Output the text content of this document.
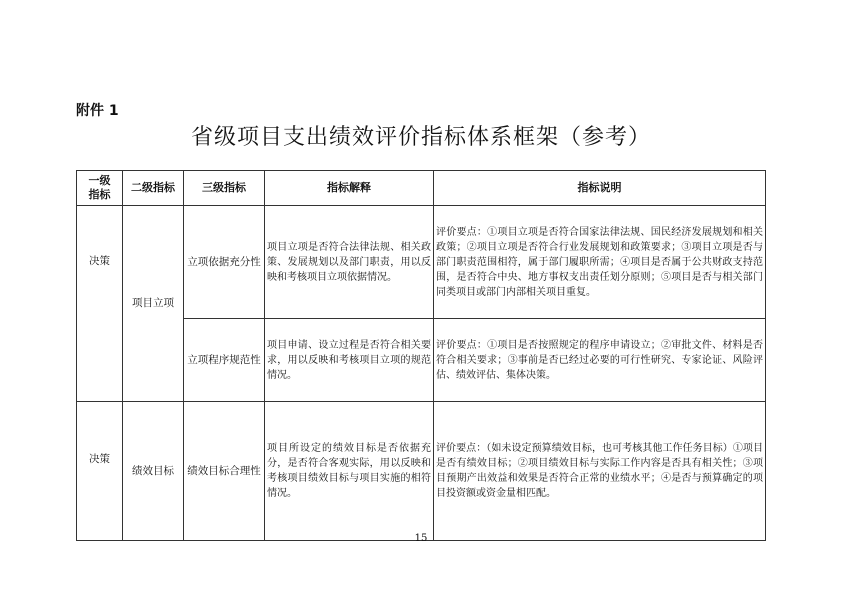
附件 1
省级项目支出绩效评价指标体系框架（参考）
一级
指标	二级指标	三级指标	指标解释	指标说明
决策	项目立项	立项依据充分性	项目立项是否符合法律法规、相关政策、发展规划以及部门职责，用以反映和考核项目立项依据情况。	评价要点：①项目立项是否符合国家法律法规、国民经济发展规划和相关政策；②项目立项是否符合行业发展规划和政策要求；③项目立项是否与部门职责范围相符，属于部门履职所需；④项目是否属于公共财政支持范围，是否符合中央、地方事权支出责任划分原则；⑤项目是否与相关部门同类项目或部门内部相关项目重复。
		立项程序规范性	项目申请、设立过程是否符合相关要求，用以反映和考核项目立项的规范情况。	评价要点：①项目是否按照规定的程序申请设立；②审批文件、材料是否符合相关要求；③事前是否已经过必要的可行性研究、专家论证、风险评估、绩效评估、集体决策。
决策	绩效目标	绩效目标合理性	项目所设定的绩效目标是否依据充分，是否符合客观实际，用以反映和考核项目绩效目标与项目实施的相符情况。	评价要点：（如未设定预算绩效目标，也可考核其他工作任务目标）①项目是否有绩效目标；②项目绩效目标与实际工作内容是否具有相关性；③项目预期产出效益和效果是否符合正常的业绩水平；④是否与预算确定的项目投资额或资金量相匹配。
15
